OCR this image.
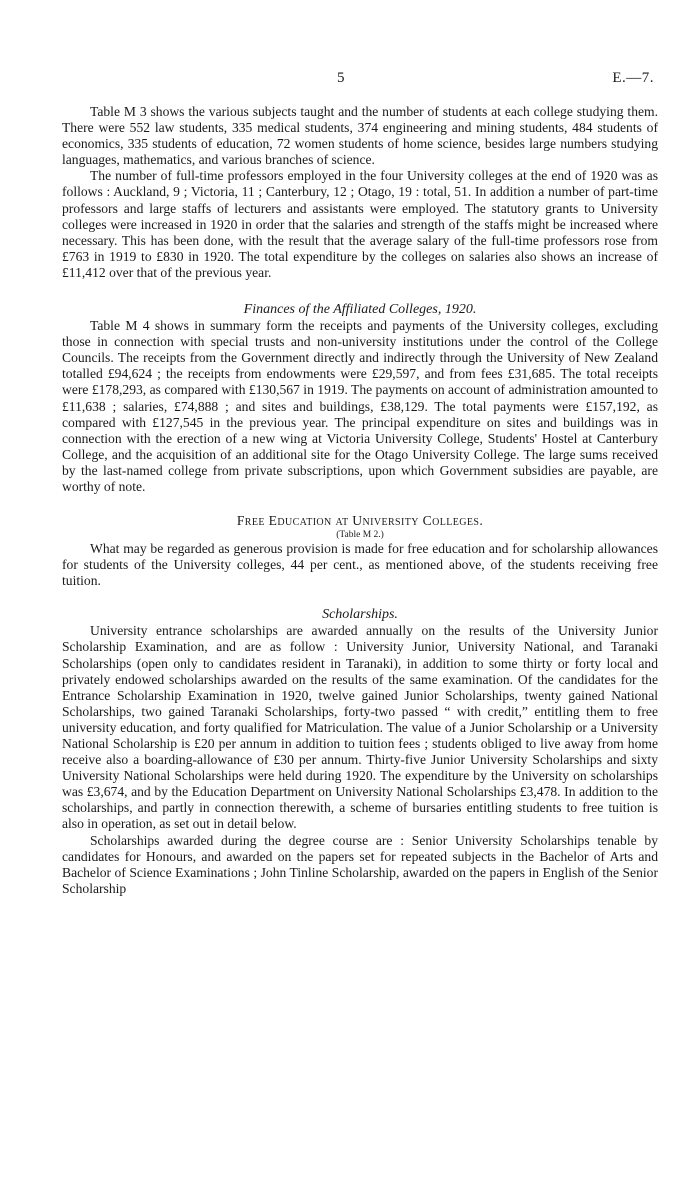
5	E.—7.

Table M 3 shows the various subjects taught and the number of students at each college studying them. There were 552 law students, 335 medical students, 374 engineering and mining students, 484 students of economics, 335 students of education, 72 women students of home science, besides large numbers studying languages, mathematics, and various branches of science.

The number of full-time professors employed in the four University colleges at the end of 1920 was as follows : Auckland, 9 ; Victoria, 11 ; Canterbury, 12 ; Otago, 19 : total, 51. In addition a number of part-time professors and large staffs of lecturers and assistants were employed. The statutory grants to University colleges were increased in 1920 in order that the salaries and strength of the staffs might be increased where necessary. This has been done, with the result that the average salary of the full-time professors rose from £763 in 1919 to £830 in 1920. The total expenditure by the colleges on salaries also shows an increase of £11,412 over that of the previous year.

Finances of the Affiliated Colleges, 1920.

Table M 4 shows in summary form the receipts and payments of the University colleges, excluding those in connection with special trusts and non-university institutions under the control of the College Councils. The receipts from the Government directly and indirectly through the University of New Zealand totalled £94,624 ; the receipts from endowments were £29,597, and from fees £31,685. The total receipts were £178,293, as compared with £130,567 in 1919. The payments on account of administration amounted to £11,638 ; salaries, £74,888 ; and sites and buildings, £38,129. The total payments were £157,192, as compared with £127,545 in the previous year. The principal expenditure on sites and buildings was in connection with the erection of a new wing at Victoria University College, Students' Hostel at Canterbury College, and the acquisition of an additional site for the Otago University College. The large sums received by the last-named college from private subscriptions, upon which Government subsidies are payable, are worthy of note.

Free Education at University Colleges.
(Table M 2.)

What may be regarded as generous provision is made for free education and for scholarship allowances for students of the University colleges, 44 per cent., as mentioned above, of the students receiving free tuition.

Scholarships.

University entrance scholarships are awarded annually on the results of the University Junior Scholarship Examination, and are as follow : University Junior, University National, and Taranaki Scholarships (open only to candidates resident in Taranaki), in addition to some thirty or forty local and privately endowed scholarships awarded on the results of the same examination. Of the candidates for the Entrance Scholarship Examination in 1920, twelve gained Junior Scholarships, twenty gained National Scholarships, two gained Taranaki Scholarships, forty-two passed “ with credit,” entitling them to free university education, and forty qualified for Matriculation. The value of a Junior Scholarship or a University National Scholarship is £20 per annum in addition to tuition fees ; students obliged to live away from home receive also a boarding-allowance of £30 per annum. Thirty-five Junior University Scholarships and sixty University National Scholarships were held during 1920. The expenditure by the University on scholarships was £3,674, and by the Education Department on University National Scholarships £3,478. In addition to the scholarships, and partly in connection therewith, a scheme of bursaries entitling students to free tuition is also in operation, as set out in detail below.

Scholarships awarded during the degree course are : Senior University Scholarships tenable by candidates for Honours, and awarded on the papers set for repeated subjects in the Bachelor of Arts and Bachelor of Science Examinations ; John Tinline Scholarship, awarded on the papers in English of the Senior Scholarship
